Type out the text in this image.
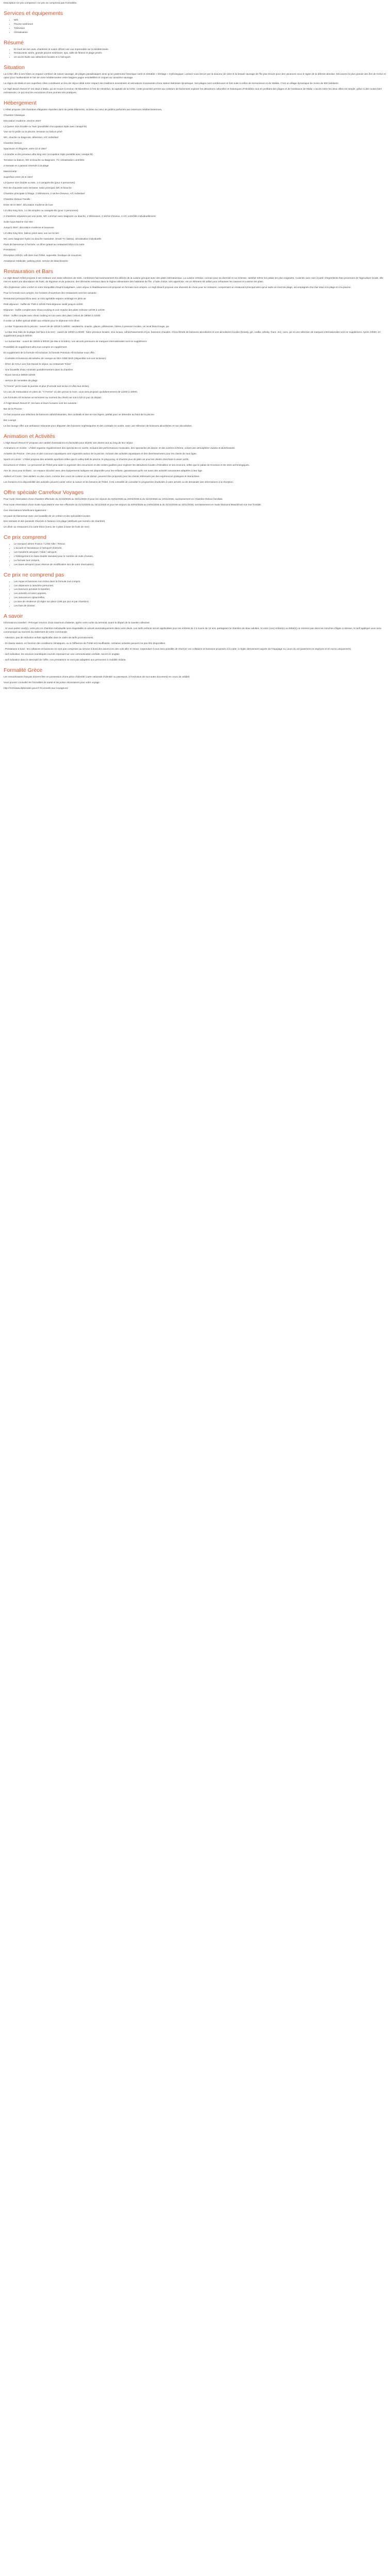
Description Ce prix comprend / Ce prix ne comprend pas Formalités

Services et équipements
• Wifi
• Piscine extérieure
• Télévision
• Climatisation
Résumé
• En bord de mer avec chambres et suites offrant une vue imprenable sur la Méditerranée.
• Restaurants variés, grande piscine extérieure, spa, salle de fitness et plage privée.
• Un accès facile aux attractions locales et à l'aéroport.
Situation

La Crète offre à ses hôtes un espace combiné de nature sauvage, de plages paradisiaques ainsi qu'un patrimoine historique varié et véritable « héritage » mythologique. Laissez-vous bercer par la douceur de vivre et la beauté sauvage de l'île plus Douze pour des vacances sous le signe de la détente absolue. Découvrez la plus grande des îles de Grèce et optez pour l'authenticité et l'art de vivre méditerranéen entre baignes pages ensoleillées et criques au caractère sauvage.

La région de Malia et ses superbes côtes constituent un lieu de séjour idéal entre respect des traditions ancestrales et animations incessantes d'une station balnéaire dynamique. Ses plages sont nombreuses et font suite à celles de Hersonissos et de Stalida. C'est un village dynamique de moins de 650 habitants.

Le High Beach Resort 5* est situé à Malia, qui se trouve à environ 35 kilomètres à l'est de Héraklion, la capitale de la Crète. Cette proximité permet aux visiteurs de facilement explorer les attractions culturelles et historiques d'Héraklion tout en profitant des plages et de l'ambiance de Malia. L'accès entre les deux villes est simple, grâce à des routes bien entretenues, ce qui rend les excursions d'une journée très pratiques.

Hébergement

L'Hôtel propose 128 chambres élégantes réparties dans de petits bâtiments, nichées au cœur de jardins parfumés aux essences méditerranéennes.

Chambre Classique :

Décoration moderne, environ 20m²

Lit Queen Size Double ou Twin (possibilité d'occupation triple avec canapé-lit)

Vue sur le jardin ou la piscine, terrasse ou balcon privé

WC, douche ou baignoire, télévision, A/C individuel

Chambre Deluxe :

Spacieuse et élégante, entre 22 et 28m²

Lit double ou lits jumeaux ultra king size (occupation triple possible avec canapé-lit)

Terrasse ou balcon, WC & Douche ou Baignoire, TV, climatisation contrôlée

2 transats et 1 parasol réservés à la plage

Maisonnette :

Superficie entre 26 et 33m²

Lit Queen size double ou twin, 1-2 canapés-lits (pour 4 personnes)

Rez-de-chaussée avec terrasse, salon principal, WC et Douche

Chambre principale à l'étage, 2 télévisions, 2 sèche-cheveux, A/C individuel

Chambre Deluxe Famille :

Entre 30 et 38m², décoration moderne de luxe

Lit Ultra King Size, 1-2 lits simples ou canapés-lits (pour 4 personnes)

2 chambres séparées par une porte, WC commun avec baignoire ou douche, 2 télévisions, 2 sèche-cheveux, 2 A/C contrôlés individuellement

Suite Aqua Marine Vue Mer :

Jusqu'à 30m², décoration moderne et luxueuse

Lit Ultra King Size, balcon privé avec vue sur la mer

WC avec baignoire hydro ou douche massante, Smart TV, bateau, climatisation individuelle

Pack de bienvenue à l'arrivée, un dîner gratuit au restaurant Eliza à la carte

Prestations :

Réception 24h/24, wifi dans tout l'hôtel, superette, boutique de souvenirs

Assistance médicale, parking privé, service de blanchisserie

Restauration et Bars

Le High Beach Hôtel propose à ses visiteurs une vaste sélection de mets, combinant harmonieusement les délices de la cuisine grecque avec des plats internationaux. La cuisine crétoise, connue pour sa diversité et sa richesse, satisfait même les palais les plus exigeants. Cuisinée avec soin à partir d'ingrédients frais provenant de l'agriculture locale, elle met en avant une abondance de fruits, de légumes et de poissons, des éléments centraux dans le régime alimentaire des habitants de l'île. L'huile d'olive, très appréciée, est un élément clé utilisé pour rehausser les saveurs et cuisiner les plats.

Afin d'optimiser votre confort et votre tranquillité d'esprit budgétaire, votre séjour à l'établissement est proposé en formule tout compris. Le High Beach propose une diversité de choix pour se restaurer, comprenant un restaurant principal ainsi qu'un autre en bord de plage, accompagnés d'un bar situé à la plage et à la piscine.

Pour la formule tout compris, les horaires d'ouverture des restaurants sont les suivants :

Restaurant principal Eliza avec un très agréable espace ombragé en plein air

Petit-déjeuner : buffet de 7h00 à 10h30 Petit-déjeuner tardif jusqu'à 11h00

Déjeuner : buffet complet avec show cooking et coin snacks des plats Crétoise 12h30 à 14h30

Dîner : buffet complet avec show cooking et coin avec des plats Crétois de 19h00 à 21h30

Il existe un buffet spécial dédié aux enfants pour le déjeuner et le dîner.

- Le Bar Tropicana de la piscine : ouvert de de 10h30 à 18h00 : sandwichs, snacks, glaces, pâtisseries, bières à pression locales, vin local blanc/rouge, jus

- Le Bar Sea Side de la plage (sel face à la mer) : ouvert de 10h00 à 23h00 : bière pression locales, vins locaux, rafraîchissements et jus, boissons chaudes. Choix illimité de boissons alcoolisées et non alcoolisées locales (brandy, gin, vodka, whisky, rhum, vin), ouzo, jus et une sélection de marques internationales sont en supplément. Après 23h00, en supplément jusqu'à 00h30.

- Le Sunset Bar : ouvert de 18h00 à 00h30 (de Mai à Octobre). Les alcools premiums de marques internationales sont en supplément

Possibilité de supplément ultra tout compris en supplément.

En supplément de la formule All Inclusive, la formule Premium All Inclusive vous offre :

- Cocktails et boissons alcoolisées de marque au SEA SIDE BAR (disponible noir-voir inclusion)

- Dîner de GALA une fois Durant le séjour, au restaurant "Eliza"

- Une bouteille d'eau minérale quotidiennement dans la chambre

- Room Service 08h00-22h00

- Service de serviettes de plage

"V Ferme" pizze toute la journée et plus (Formule tout inclus et Ultra tout inclus).

Un coin de restauration en plein air, "V Ferme" où des pizzas & more, vous sera proposé quotidiennement de 11h00 à 18h00.

Les formules All Inclusive se terminent au moment du check-out soit à 11h le jour du départ

À l'High Beach Resort 5*, les bars et leurs horaires sont les suivants :

Bar de la Piscine :

Ce bar propose une sélection de boissons rafraîchissantes, des cocktails et des en-cas légers, parfait pour se détendre au bord de la piscine.

Bar Lounge :

Le bar lounge offre une ambiance relaxante pour déguster des boissons sophistiquées et des cocktails en soirée, avec une sélection de boissons alcoolisées et non alcoolisées.

Animation et Activités

L'High Beach Resort 5* propose une variété d'animations et d'activités pour divertir ses clients tout au long de leur séjour :

Animations en Soirée : L'hôtel organise régulièrement des spectacles en soirée, incluant des performances musicales, des spectacles de danse, et des soirées à thème, créant une atmosphère vivante et divertissante.

Activités de Piscine : Des jeux et des concours aquatiques sont organisés autour de la piscine, incluant des activités aquatiques et des divertissements pour les clients de tous âges.

Sports et Loisirs : L'hôtel propose des activités sportives telles que le volley-ball de piscine, le ping-pong, et d'autres jeux de plein air pour les clients cherchant à rester actifs.

Excursions et Visites : Le personnel de l'hôtel peut aider à organiser des excursions et des visites guidées pour explorer les attractions locales d'Héraklion et ses environs, telles que le palais de Knossos et les sites archéologiques.

Aire de Jeux pour Enfants : Un espace sécurisé avec des équipements ludiques est disponible pour les enfants, garantissant qu'ils ont aussi des activités amusantes adaptées à leur âge.

Ateliers et Cours : Des ateliers ou des cours, comme des cours de cuisine ou de danse, peuvent être proposés pour les clients intéressés par des expériences pratiques et interactives.

Les horaires et la disponibilité des activités peuvent varier selon la saison et les besoins de l'hôtel. Il est conseillé de consulter le programme d'activités à votre arrivée ou de demander des informations à la réception.

Offre spéciale Carrefour Voyages

Pour toute réservation d'une chambre effectuée du 21/10/2025 au 16/11/2025 et pour les séjours du 02/04/2026 au 24/04/2026 & du 31/10/2026 au 10/11/2026, surclassement en Chambre Deluxe familiale.

Pour toute réservation d'une Suite Aqua Marine vue mer effectuée du 21/10/2025 au 16/11/2025 et pour les séjours du 02/04/2026 au 24/04/2026 & du 31/10/2026 au 10/11/2026, surclassement en Suite Diamond Beachfront vue mer frontale.

Ces réservations bénéficient également :

Un pack de bienvenue avec une bouteille de vin crétois et des spécialités locales

Des transats et des parasols réservés à l'avance à la plage (attribués par numéro de chambre)

Un dîner au restaurant à la carte Eliza (menu de 3 plats à base de fruits de mer)

Ce prix comprend
• Le transport aérien France / Crète Aller / Retour,
• L'accueil et l'assistance à l'aéroport d'arrivée,
• Les transferts aéroport / hôtel / aéroport,
• L'hébergement en base double standard pour le nombre de nuits choisies,
• La formule tout compris,
• Les taxes aéroport (sous réserve de modification lors de votre réservation).
Ce prix ne comprend pas
• Les repas et boissons non inclus dans la formule tout compris,
• Les dépenses à caractère personnel,
• Les boissons pendant le transfert,
• Les activités et loisirs payants,
• Les assurances optionnelles,
• La taxe de résidence (à régler sur place (15€ par jour et par chambre)
• Les frais de dossier.
A savoir

Informations transfert : Prévoyez environ 1h15 maximum d'attente, après votre sortie du terminal, avant le départ de la navette collective.

- Si vous partez seul(s), votre prix en chambre individuelle sera réajustable et calculé automatiquement dans votre devis. Les tarifs enfants seront applicables pour les enfants de 2 à moins de 12 ans, partageant la chambre de deux adultes. Si votre (vos) enfant(s) ou bébé(s) ne rentrent pas dans les tranches d'âges ci-dessus, le tarif appliqué vous sera communiqué au moment du traitement de votre commande.

- Attention, pas de réduction enfant applicable dans le cadre de tarifs promotionnels.

- En basse saison, en fonction des conditions climatiques, ou si l'affluence de l'hôtel est insuffisante, certaines activités peuvent ne pas être disponibles.

- Prestations à bord : les collations et boissons ne sont pas comprises au service à bord des avions lors des vols aller et retour. Cependant il vous sera possible de réserver vos collations et boissons proposés à la carte, à régler directement auprès de l'équipage ou cours du vol (paiement en espèces et en euros uniquement).

- wof indication, les services touristiques tournés reposant sur une communication verbale, secret en anglais

- wof indication dans le descriptif de l'offre, nos prestations ne sont pas adaptées aux personnes à mobilité réduite.

Formalité Grèce

Les ressortissants français doivent être en possession d'une pièce d'identité (carte nationale d'identité ou passeport, à l'exclusion de tout autre document) en cours de validité.

Vous pouvez consulter les formalités de santé et de police nécessaires pour votre voyage :

http://XXXwww.diplomatie.gouv.fr fr/conseils-aux-voyageurs/
